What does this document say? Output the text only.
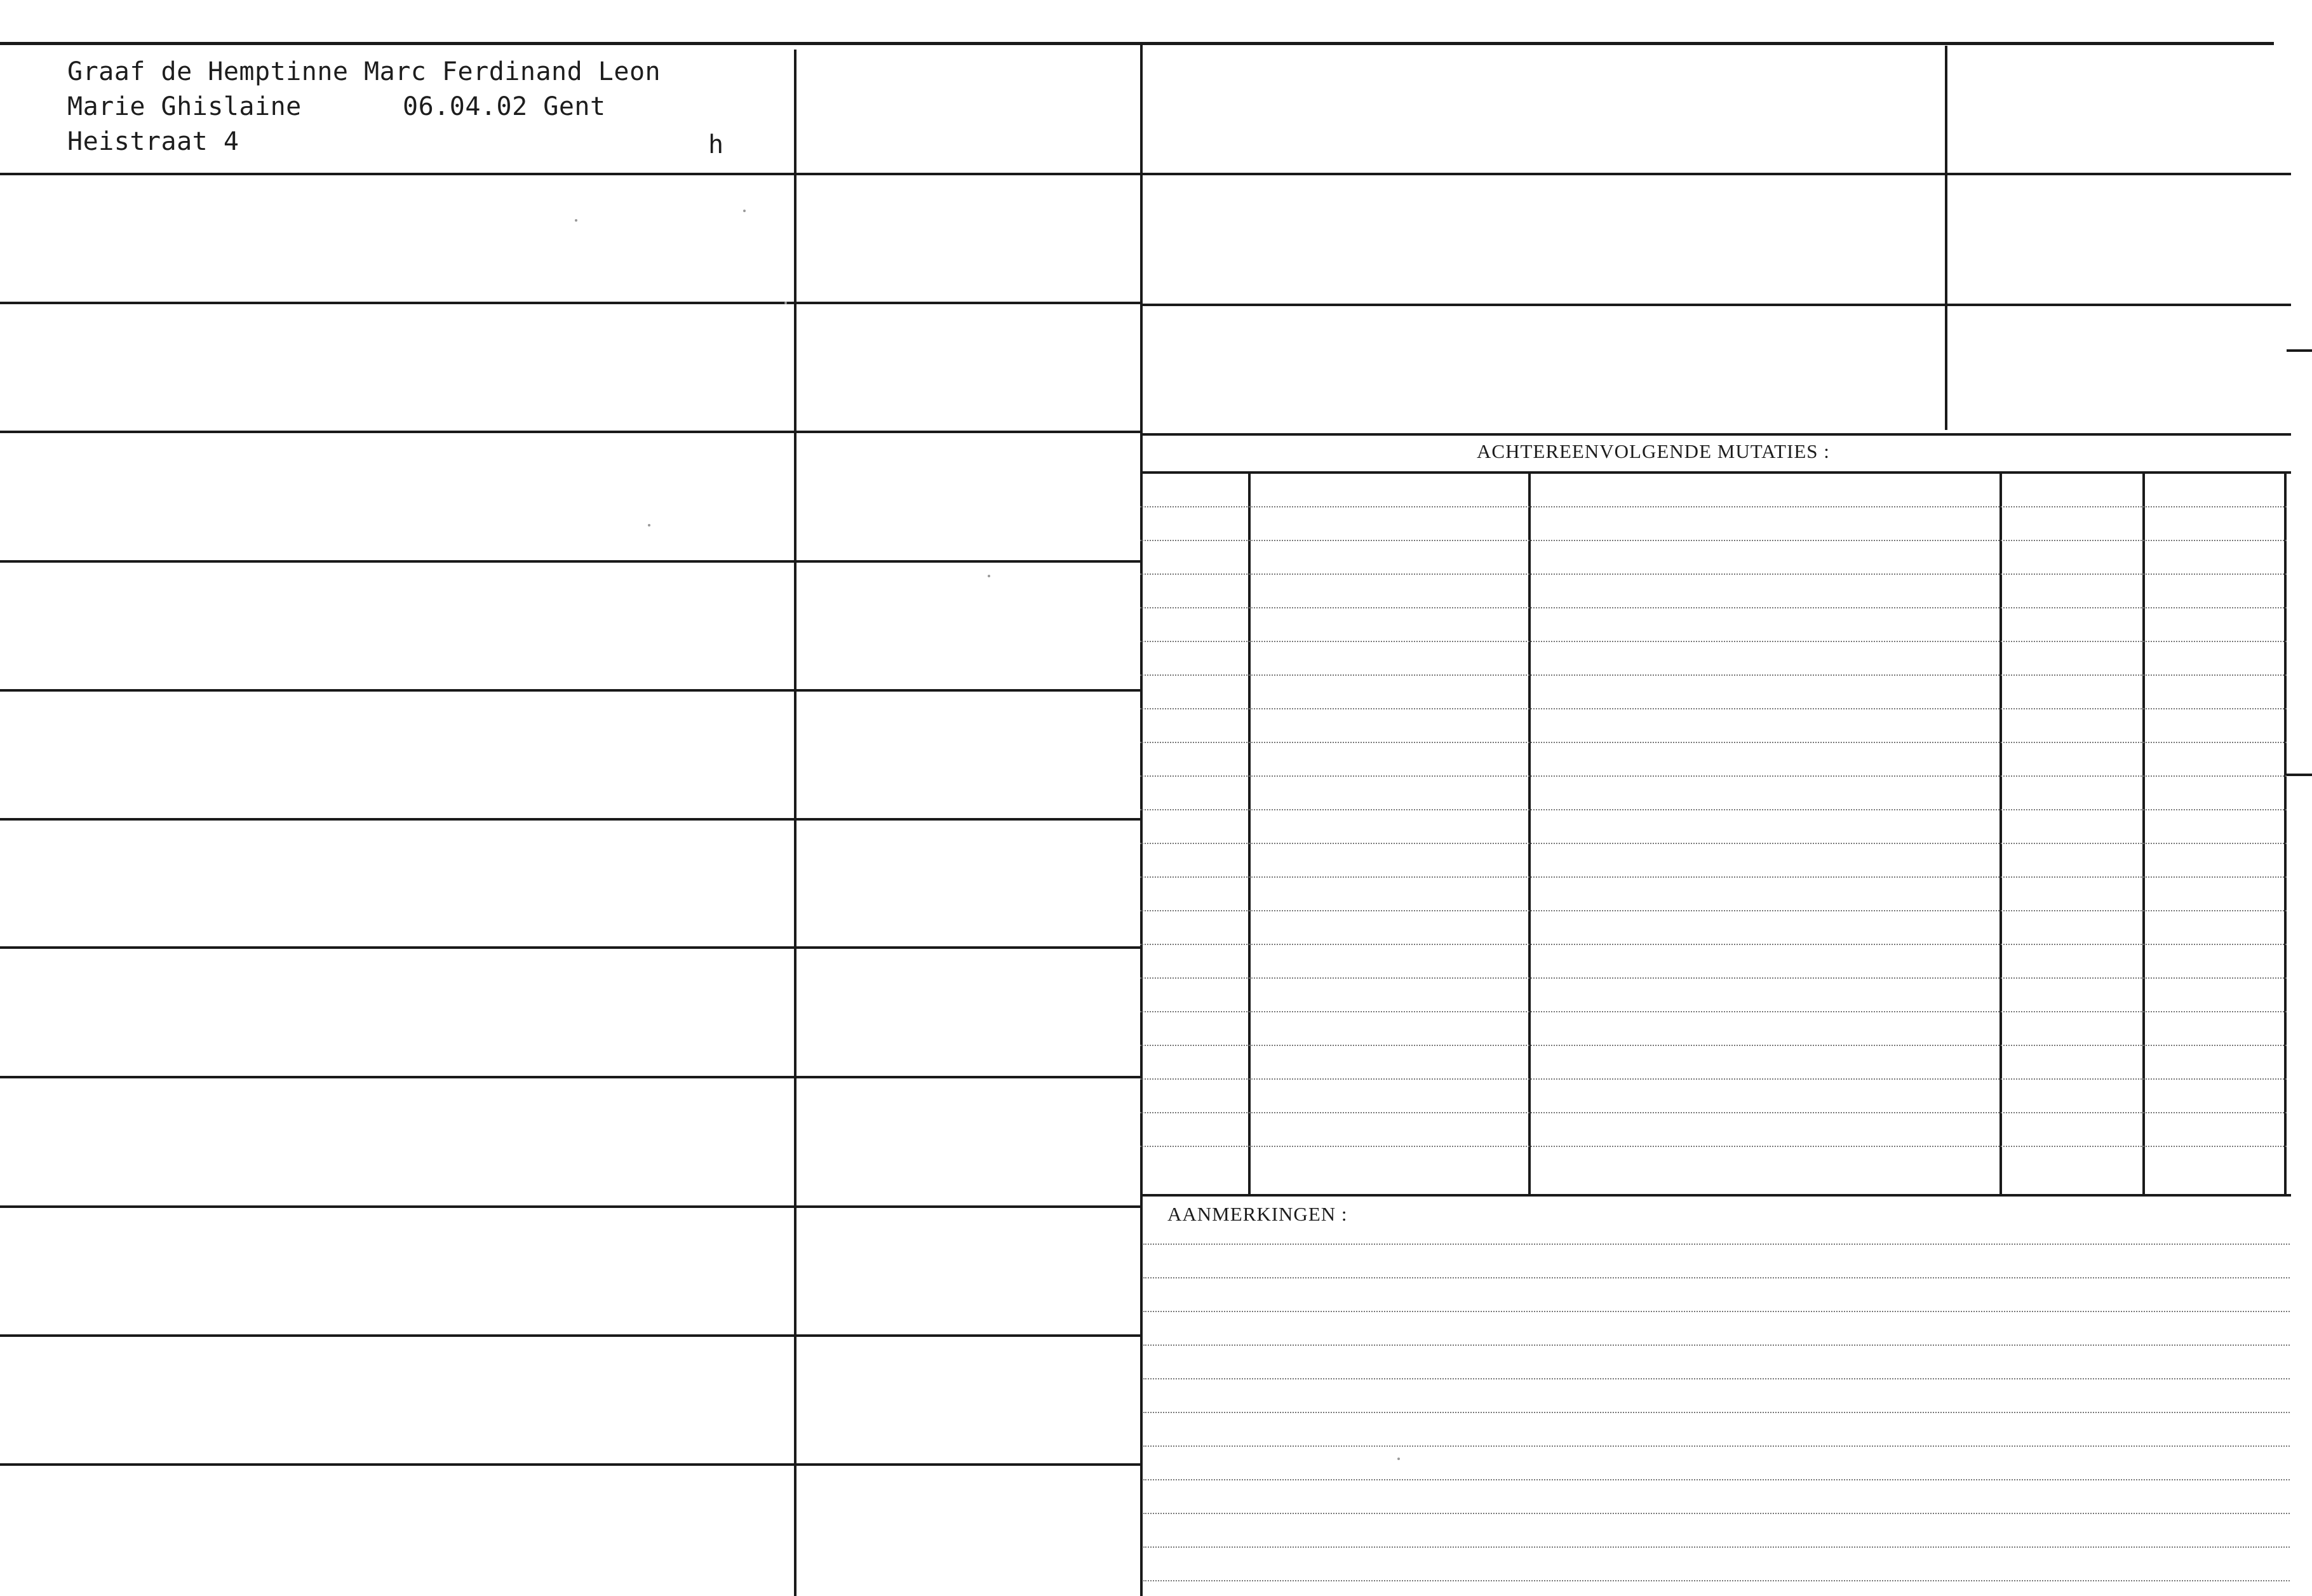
ACHTEREENVOLGENDE MUTATIES :
AANMERKINGEN :
Graaf de Hemptinne Marc Ferdinand Leon
Marie Ghislaine	06.04.02 Gent
Heistraat 4	h
